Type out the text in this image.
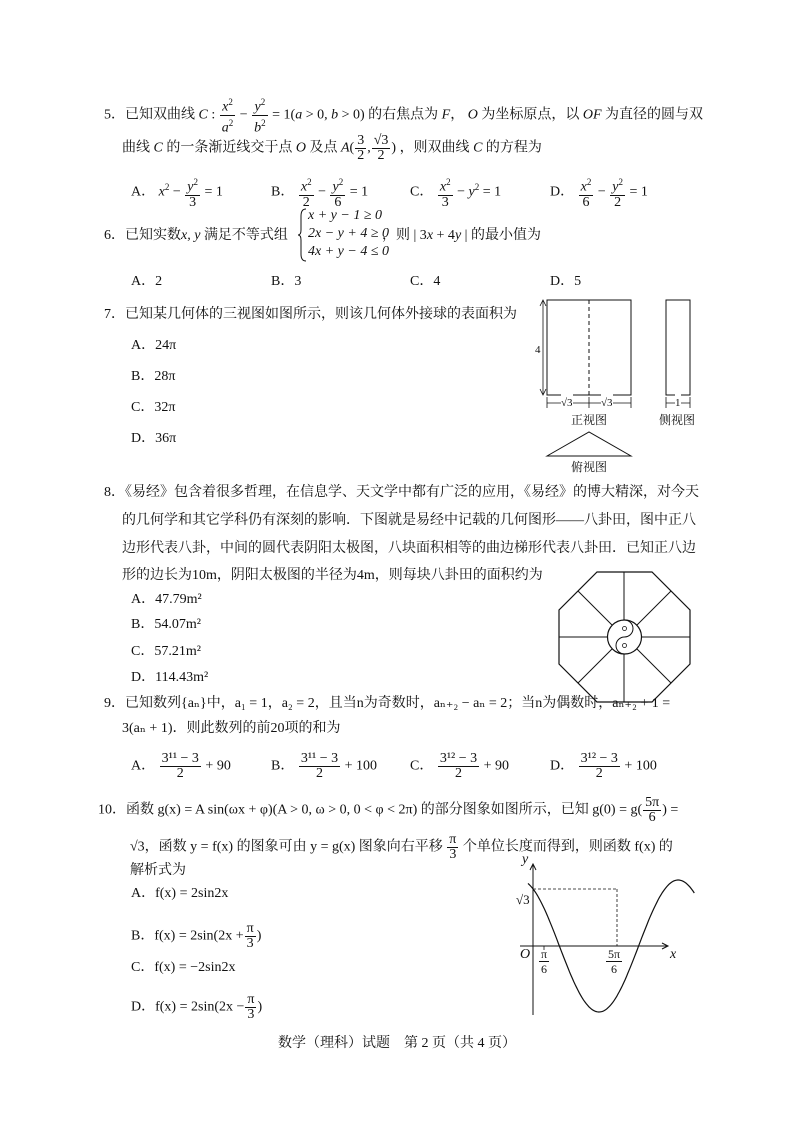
5．已知双曲线 C : $\frac{x^2}{a^2} - \frac{y^2}{b^2} = 1(a > 0$, b > 0) 的右焦点为 F， O 为坐标原点，以 OF 为直径的圆与双
曲线 C 的一条渐近线交于点 O 及点 $A( \frac{3}{2}$ , $\frac{√3}{2}$ ) ，则双曲线 C 的方程为
A． $x^2 - \frac{y^2}{3} = 1$	B． $\frac{x^2}{2} - \frac{y^2}{6} = 1$	C． $\frac{x^2}{3} - y^2 = 1$	D． $\frac{x^2}{6} - \frac{y^2}{2} = 1$
6．已知实数x, y 满足不等式组
x + y − 1 ≥ 0
2x − y + 4 ≥ 0
4x + y − 4 ≤ 0
，则 | 3x + 4y | 的最小值为
A．2	B．3	C．4	D．5
7．已知某几何体的三视图如图所示，则该几何体外接球的表面积为
A．24π
B．28π
C．32π
D．36π
4
√3	√3	1
正视图	侧视图
俯视图
8．《易经》包含着很多哲理，在信息学、天文学中都有广泛的应用，《易经》的博大精深，对今天
的几何学和其它学科仍有深刻的影响．下图就是易经中记载的几何图形——八卦田，图中正八
边形代表八卦，中间的圆代表阴阳太极图，八块面积相等的曲边梯形代表八卦田．已知正八边
形的边长为10m，阴阳太极图的半径为4m，则每块八卦田的面积约为
A．47.79m²
B．54.07m²
C．57.21m²
D．114.43m²
9．已知数列{aₙ}中，a₁ = 1，a₂ = 2，且当n为奇数时，aₙ₊₂ − aₙ = 2；当n为偶数时，aₙ₊₂ + 1 =
3(aₙ + 1)．则此数列的前20项的和为
A． $\frac{\text{3¹¹ − 3}}{2} + 90$	B． $\frac{\text{3¹¹ − 3}}{2} + 100$ C． $\frac{\text{3¹² − 3}}{2} + 90$	D． $\frac{\text{3¹² − 3}}{2} + 100$
10．函数 g(x) = A sin(ωx + φ)(A > 0, ω > 0, 0 < φ < 2π) 的部分图象如图所示，已知 $g(0) = g( \frac{5\pi}{6}$ ) =
√3，函数 y = f(x) 的图象可由 y = g(x) 图象向右平移 $\frac{\pi}{3}$ 个单位长度而得到，则函数 f(x) 的
解析式为
A．f(x) = 2sin2x
B．$f(x) = 2\sin(2x + \frac{\pi}{3}$ )
C．f(x) = −2sin2x
D．$f(x) = 2\sin(2x - \frac{\pi}{3}$ )
y
x
O
√3
$\frac{\pi}{6}$	$\frac{5\pi}{6}$
数学（理科）试题　第 2 页（共 4 页）
